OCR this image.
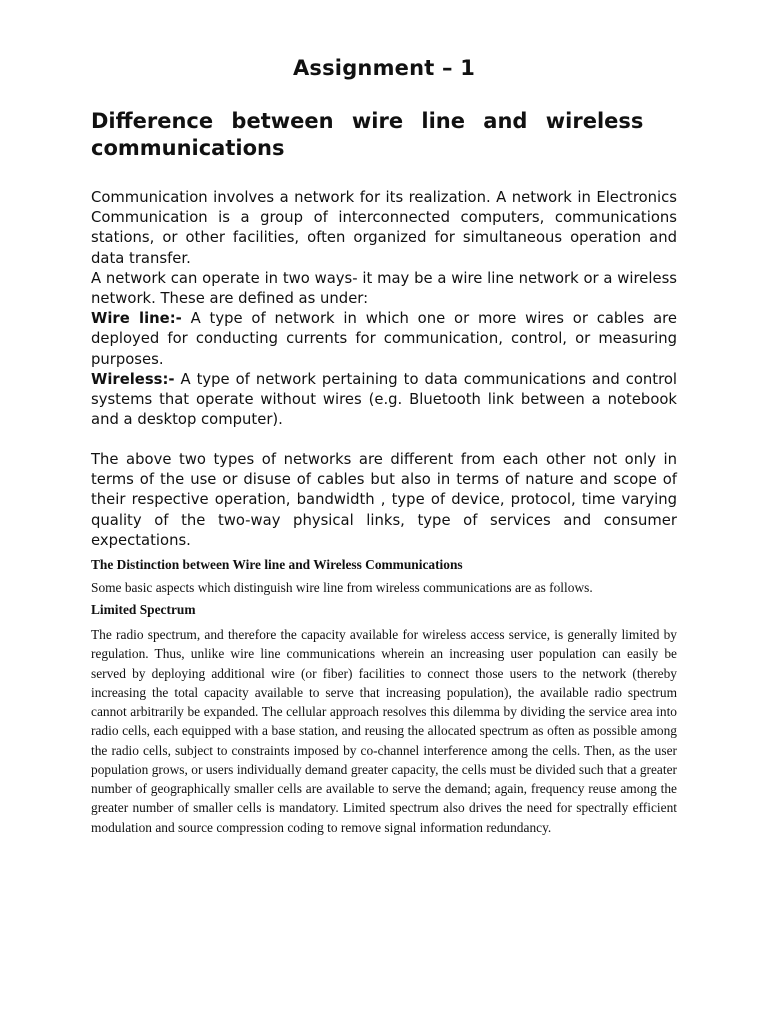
Assignment – 1
Difference between wire line and wireless
communications

Communication involves a network for its realization. A network in Electronics Communication is a group of interconnected computers, communications stations, or other facilities, often organized for simultaneous operation and data transfer.

A network can operate in two ways- it may be a wire line network or a wireless network. These are defined as under:

Wire line:- A type of network in which one or more wires or cables are deployed for conducting currents for communication, control, or measuring purposes.

Wireless:- A type of network pertaining to data communications and control systems that operate without wires (e.g. Bluetooth link between a notebook and a desktop computer).

The above two types of networks are different from each other not only in terms of the use or disuse of cables but also in terms of nature and scope of their respective operation, bandwidth , type of device, protocol, time varying quality of the two-way physical links, type of services and consumer expectations.

The Distinction between Wire line and Wireless Communications

Some basic aspects which distinguish wire line from wireless communications are as follows.

Limited Spectrum

The radio spectrum, and therefore the capacity available for wireless access service, is generally limited by regulation. Thus, unlike wire line communications wherein an increasing user population can easily be served by deploying additional wire (or fiber) facilities to connect those users to the network (thereby increasing the total capacity available to serve that increasing population), the available radio spectrum cannot arbitrarily be expanded. The cellular approach resolves this dilemma by dividing the service area into radio cells, each equipped with a base station, and reusing the allocated spectrum as often as possible among the radio cells, subject to constraints imposed by co-channel interference among the cells. Then, as the user population grows, or users individually demand greater capacity, the cells must be divided such that a greater number of geographically smaller cells are available to serve the demand; again, frequency reuse among the greater number of smaller cells is mandatory. Limited spectrum also drives the need for spectrally efficient modulation and source compression coding to remove signal information redundancy.
